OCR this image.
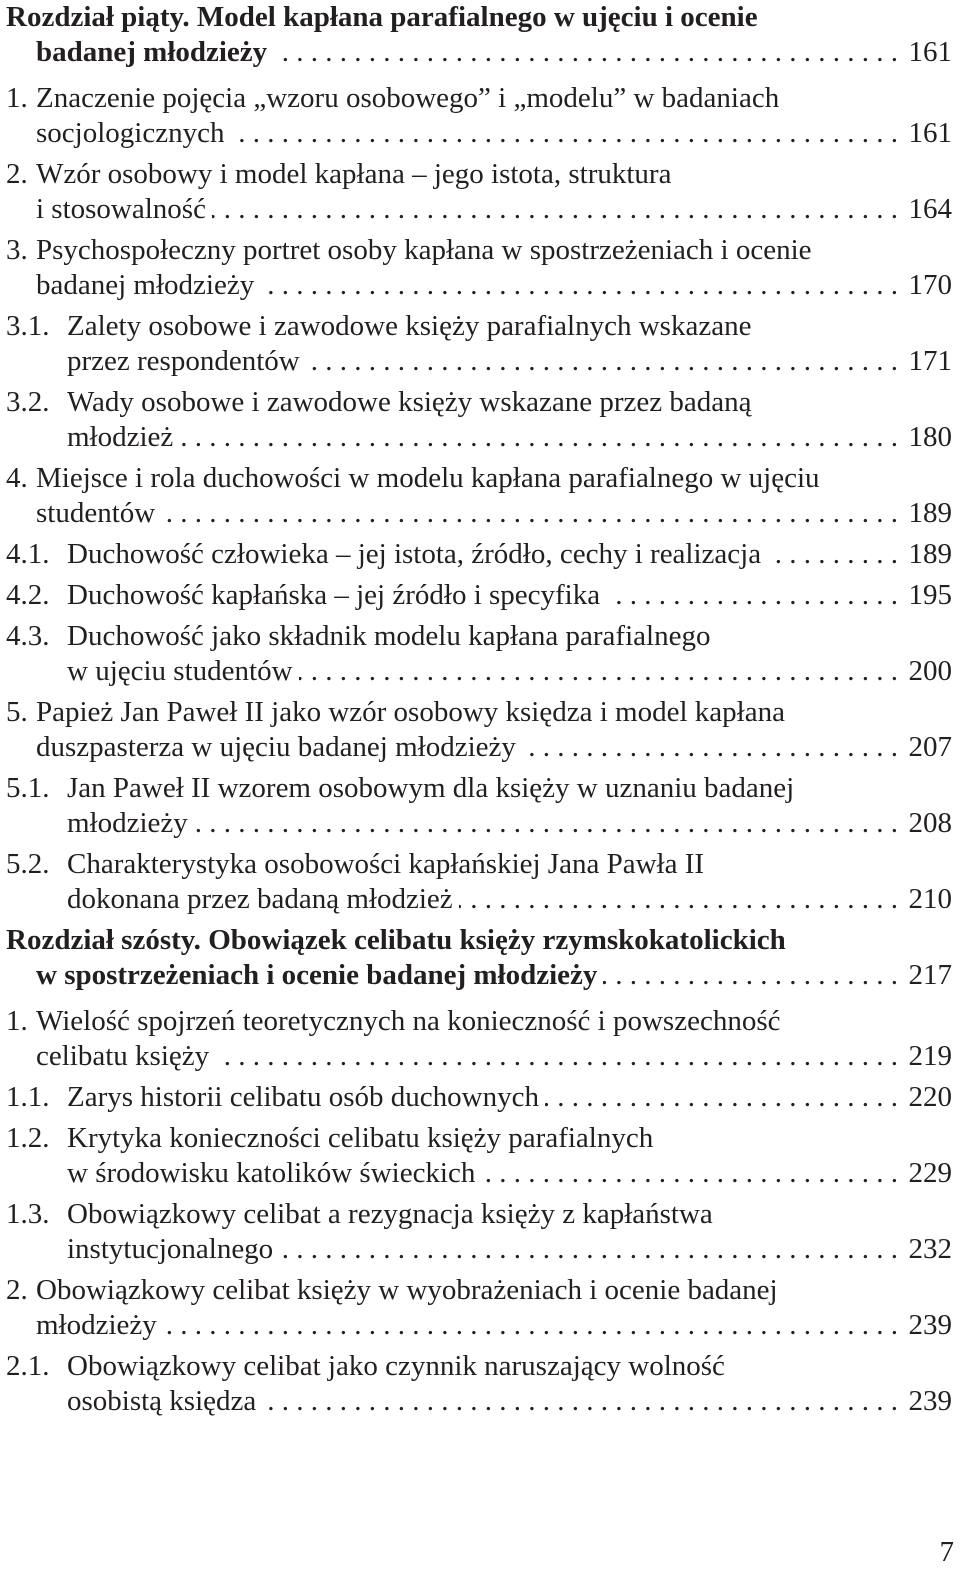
Rozdział piąty. Model kapłana parafialnego w ujęciu i ocenie
badanej młodzieży . . .	161
1. Znaczenie pojęcia „wzoru osobowego” i „modelu” w badaniach
socjologicznych . . .	161
2. Wzór osobowy i model kapłana – jego istota, struktura
i stosowalność . . .	164
3. Psychospołeczny portret osoby kapłana w spostrzeżeniach i ocenie
badanej młodzieży . . .	170
3.1. Zalety osobowe i zawodowe księży parafialnych wskazane
przez respondentów . . .	171
3.2. Wady osobowe i zawodowe księży wskazane przez badaną
młodzież . . .	180
4. Miejsce i rola duchowości w modelu kapłana parafialnego w ujęciu
studentów . . .	189
4.1. Duchowość człowieka – jej istota, źródło, cechy i realizacja . . .	189
4.2. Duchowość kapłańska – jej źródło i specyfika . . .	195
4.3. Duchowość jako składnik modelu kapłana parafialnego
w ujęciu studentów . . .	200
5. Papież Jan Paweł II jako wzór osobowy księdza i model kapłana
duszpasterza w ujęciu badanej młodzieży . . .	207
5.1. Jan Paweł II wzorem osobowym dla księży w uznaniu badanej
młodzieży . . .	208
5.2. Charakterystyka osobowości kapłańskiej Jana Pawła II
dokonana przez badaną młodzież . . .	210
Rozdział szósty. Obowiązek celibatu księży rzymskokatolickich
w spostrzeżeniach i ocenie badanej młodzieży . . .	217
1. Wielość spojrzeń teoretycznych na konieczność i powszechność
celibatu księży . . .	219
1.1. Zarys historii celibatu osób duchownych . . .	220
1.2. Krytyka konieczności celibatu księży parafialnych
w środowisku katolików świeckich . . .	229
1.3. Obowiązkowy celibat a rezygnacja księży z kapłaństwa
instytucjonalnego . . .	232
2. Obowiązkowy celibat księży w wyobrażeniach i ocenie badanej
młodzieży . . .	239
2.1. Obowiązkowy celibat jako czynnik naruszający wolność
osobistą księdza . . .	239
7
